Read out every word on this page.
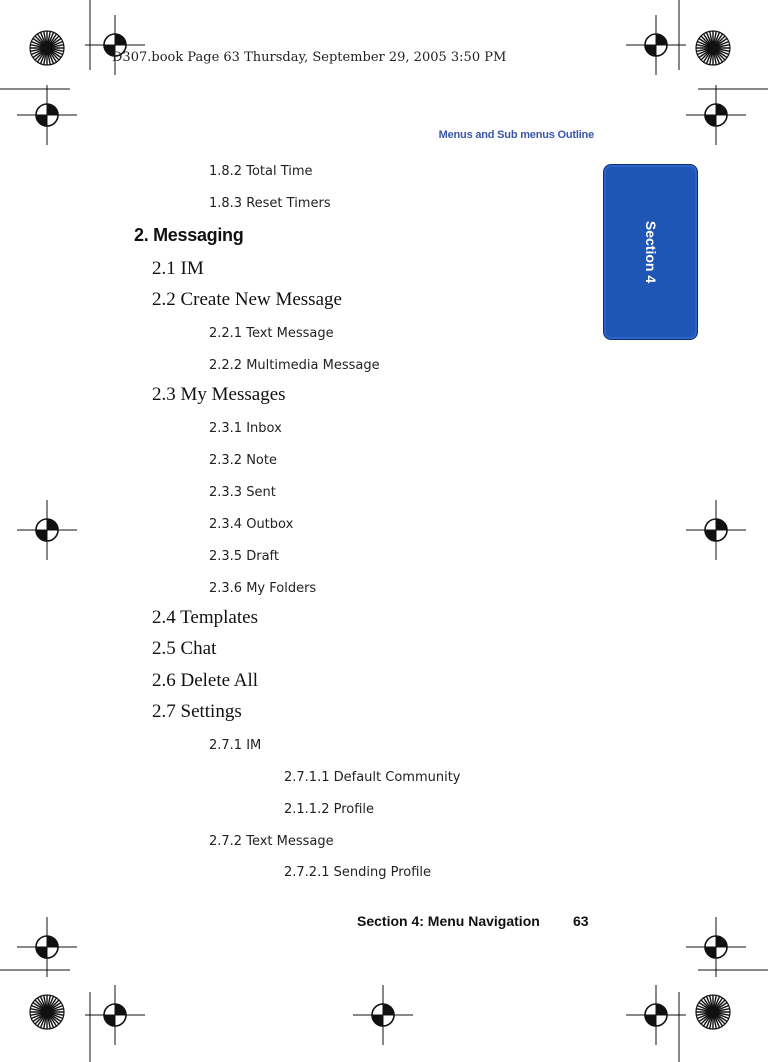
D307.book Page 63 Thursday, September 29, 2005 3:50 PM
Menus and Sub menus Outline
Section 4
1.8.2 Total Time
1.8.3 Reset Timers
2. Messaging
2.1 IM
2.2 Create New Message
2.2.1 Text Message
2.2.2 Multimedia Message
2.3 My Messages
2.3.1 Inbox
2.3.2 Note
2.3.3 Sent
2.3.4 Outbox
2.3.5 Draft
2.3.6 My Folders
2.4 Templates
2.5 Chat
2.6 Delete All
2.7 Settings
2.7.1 IM
2.7.1.1 Default Community
2.1.1.2 Profile
2.7.2 Text Message
2.7.2.1 Sending Profile
Section 4: Menu Navigation 63
